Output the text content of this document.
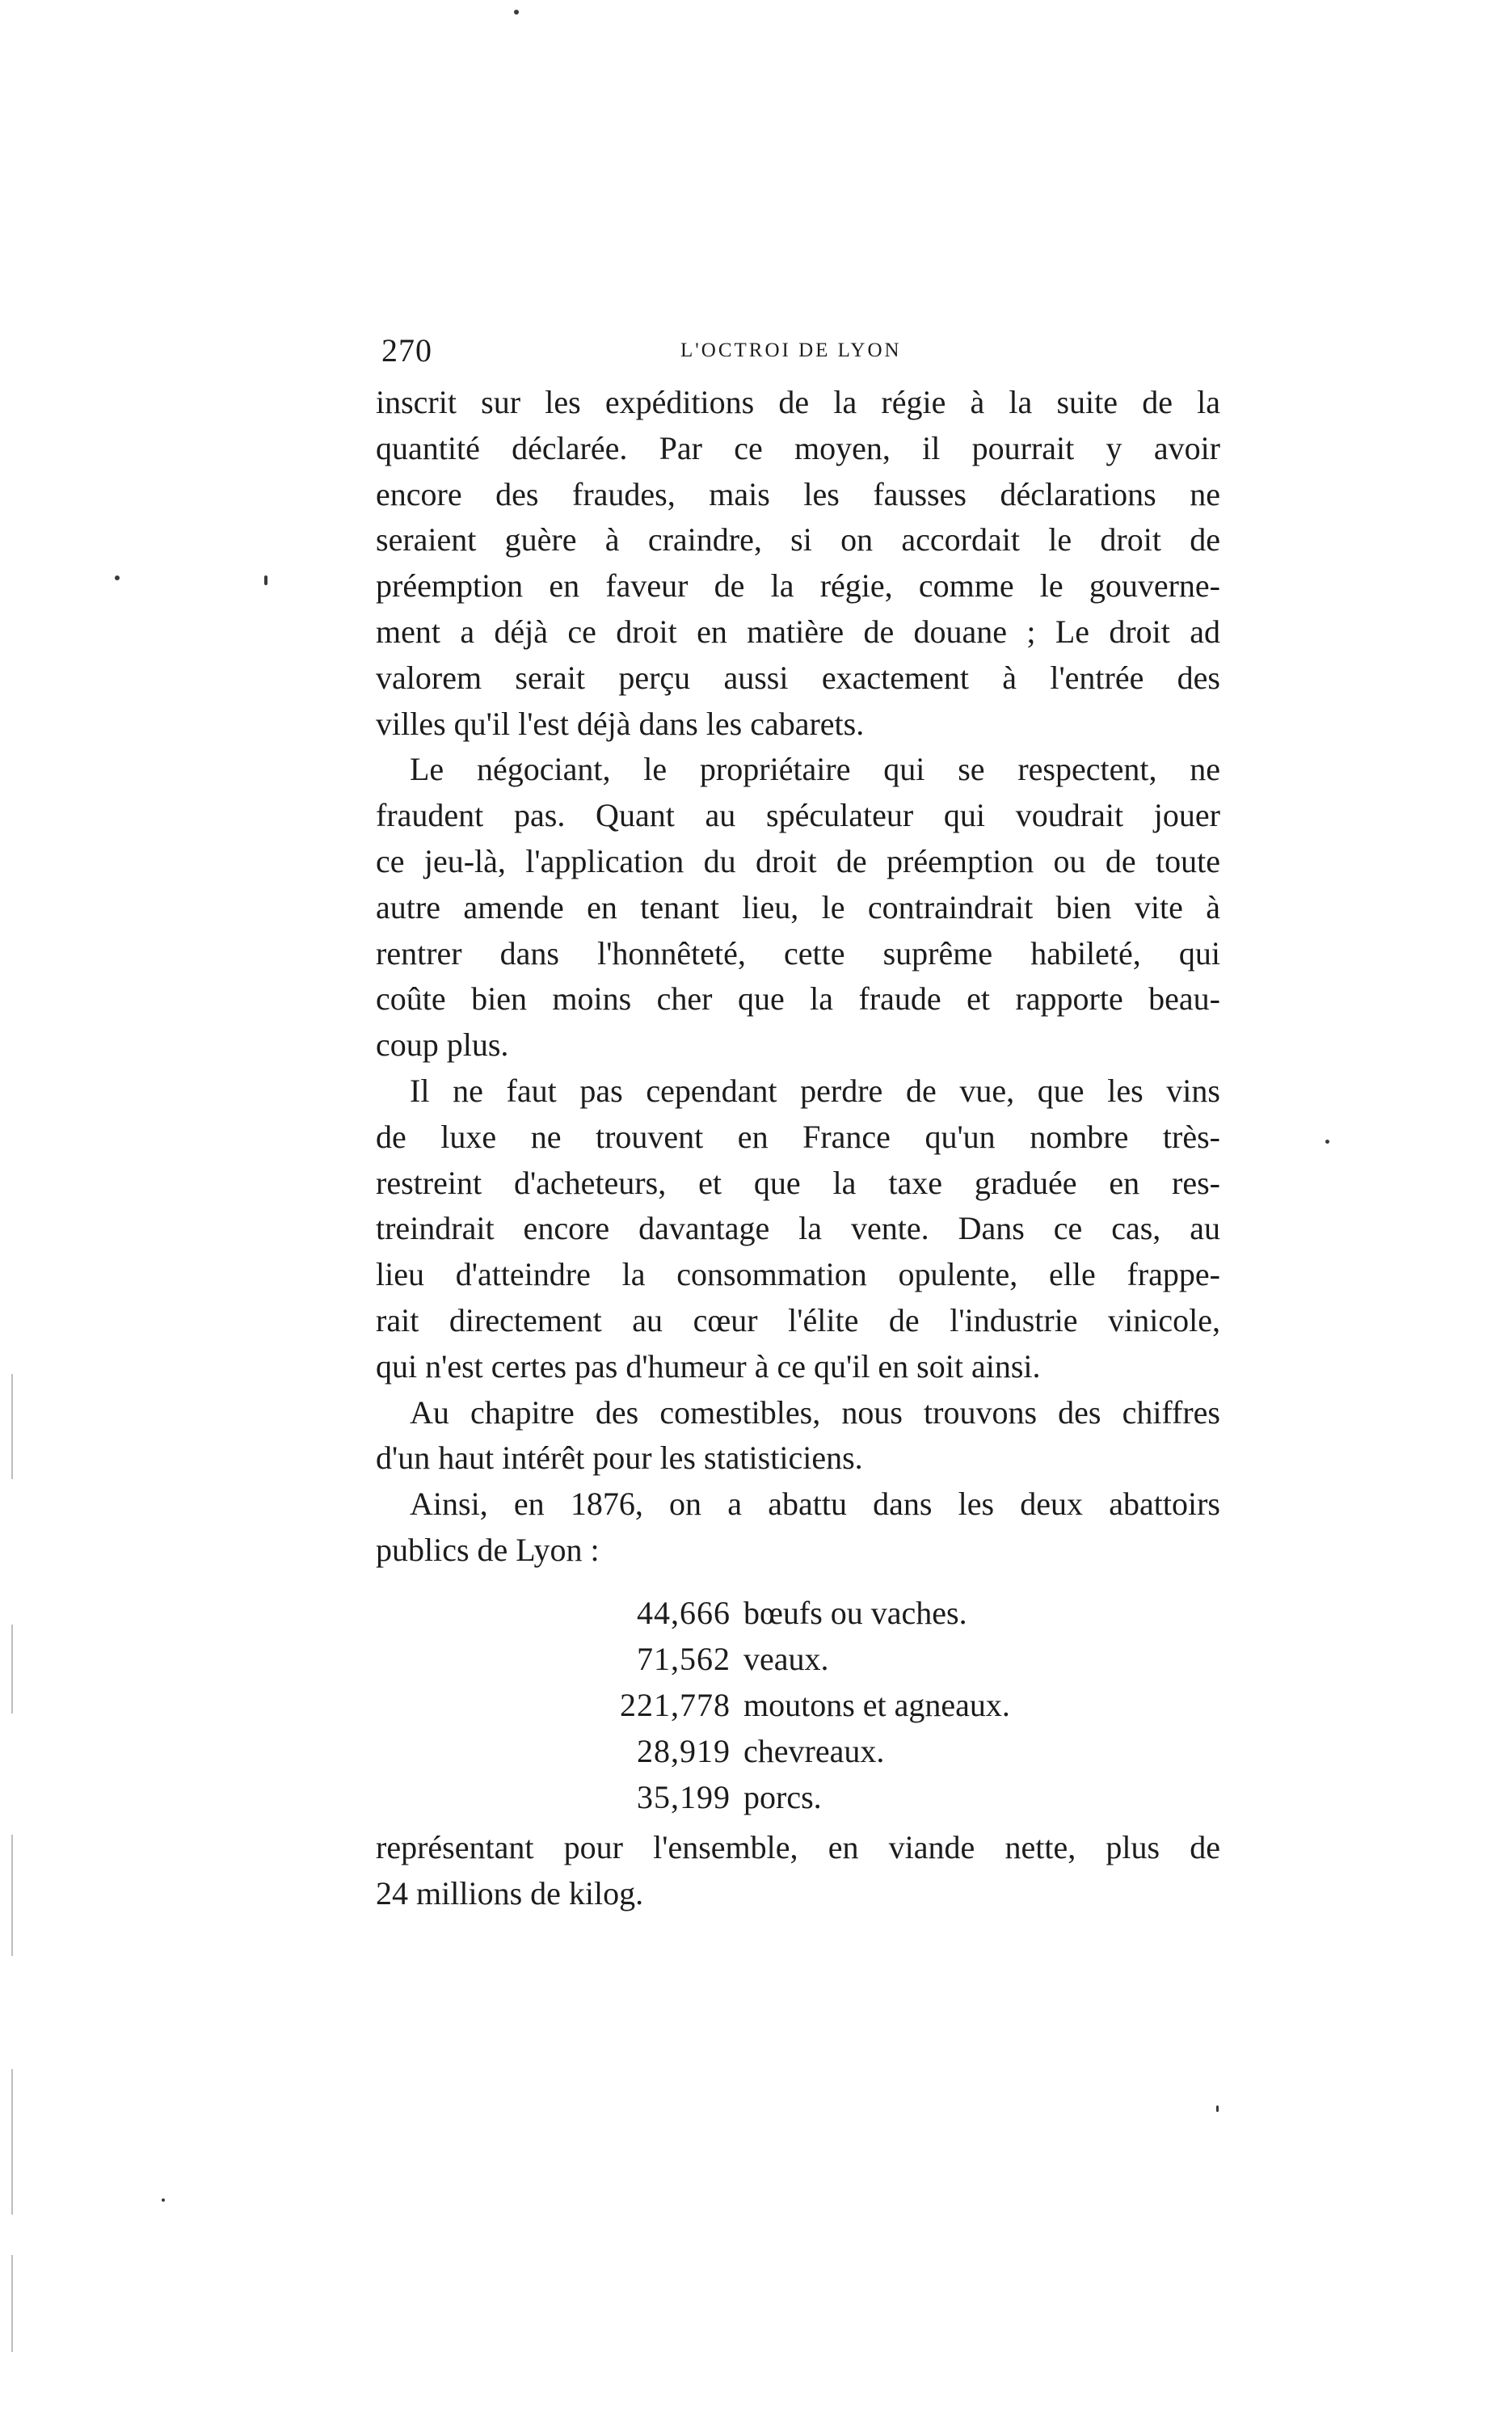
270	L'OCTROI DE LYON

inscrit sur les expéditions de la régie à la suite de la
quantité déclarée. Par ce moyen, il pourrait y avoir
encore des fraudes, mais les fausses déclarations ne
seraient guère à craindre, si on accordait le droit de
préemption en faveur de la régie, comme le gouverne-
ment a déjà ce droit en matière de douane ; Le droit ad
valorem serait perçu aussi exactement à l'entrée des
villes qu'il l'est déjà dans les cabarets.

Le négociant, le propriétaire qui se respectent, ne
fraudent pas. Quant au spéculateur qui voudrait jouer
ce jeu-là, l'application du droit de préemption ou de toute
autre amende en tenant lieu, le contraindrait bien vite à
rentrer dans l'honnêteté, cette suprême habileté, qui
coûte bien moins cher que la fraude et rapporte beau-
coup plus.

Il ne faut pas cependant perdre de vue, que les vins
de luxe ne trouvent en France qu'un nombre très-
restreint d'acheteurs, et que la taxe graduée en res-
treindrait encore davantage la vente. Dans ce cas, au
lieu d'atteindre la consommation opulente, elle frappe-
rait directement au cœur l'élite de l'industrie vinicole,
qui n'est certes pas d'humeur à ce qu'il en soit ainsi.

Au chapitre des comestibles, nous trouvons des chiffres
d'un haut intérêt pour les statisticiens.

Ainsi, en 1876, on a abattu dans les deux abattoirs
publics de Lyon :

44,666 bœufs ou vaches.
71,562 veaux.
221,778 moutons et agneaux.
28,919 chevreaux.
35,199 porcs.

représentant pour l'ensemble, en viande nette, plus de
24 millions de kilog.
